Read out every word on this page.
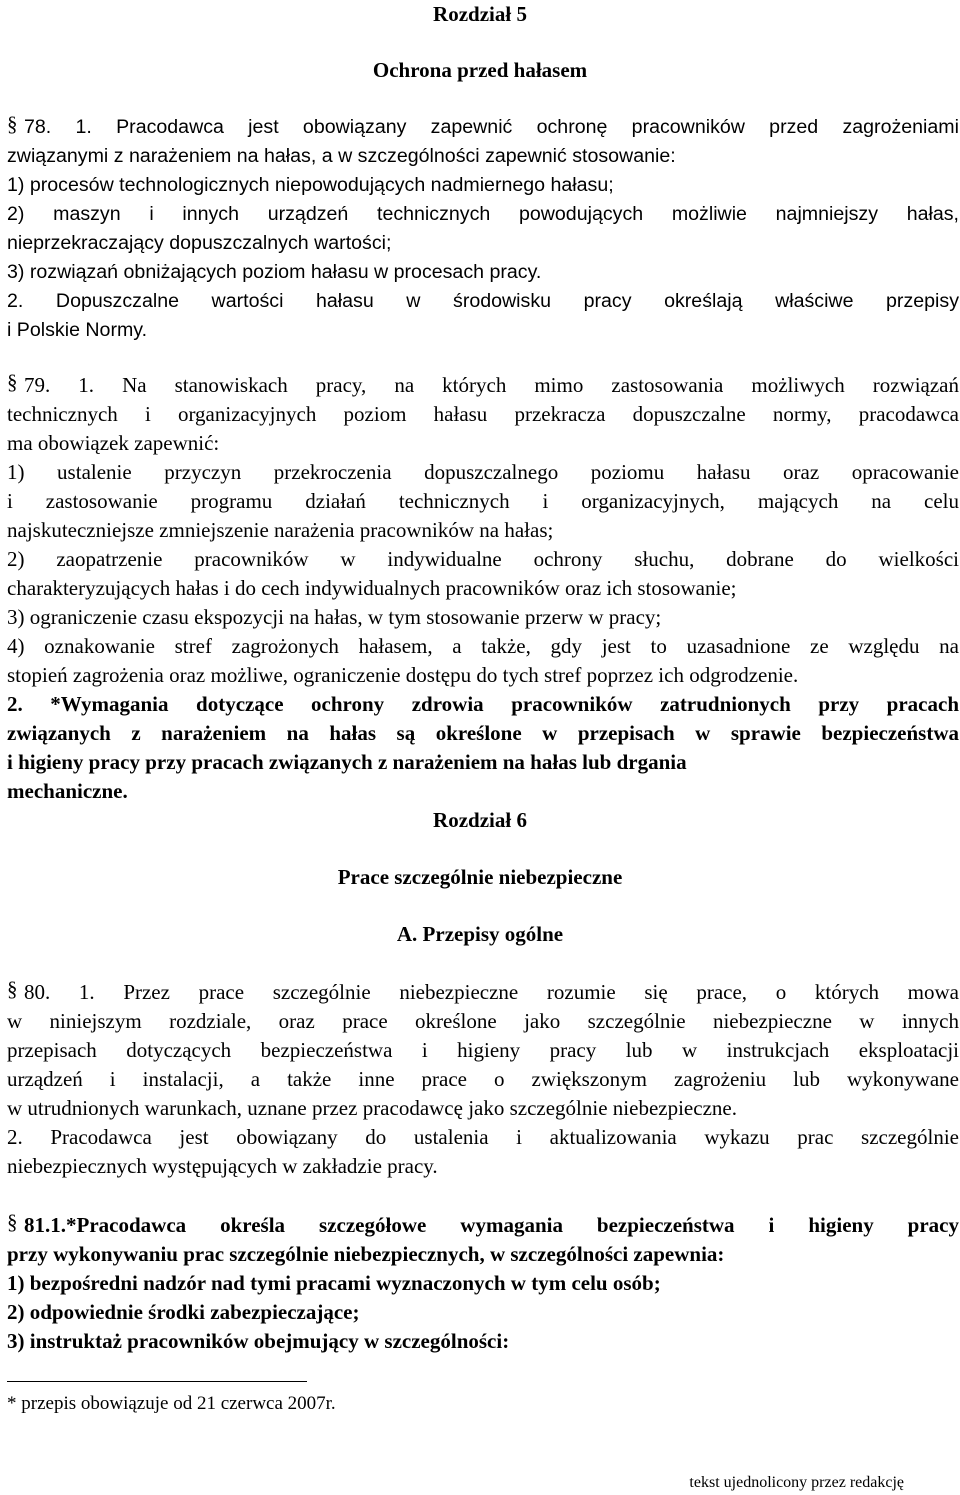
Rozdział 5
Ochrona przed hałasem
§ 78. 1. Pracodawca jest obowiązany zapewnić ochronę pracowników przed zagrożeniami
związanymi z narażeniem na hałas, a w szczególności zapewnić stosowanie:
1) procesów technologicznych niepowodujących nadmiernego hałasu;
2) maszyn i innych urządzeń technicznych powodujących możliwie najmniejszy hałas,
nieprzekraczający dopuszczalnych wartości;
3) rozwiązań obniżających poziom hałasu w procesach pracy.
2. Dopuszczalne wartości hałasu w środowisku pracy określają właściwe przepisy
i Polskie Normy.
§ 79. 1. Na stanowiskach pracy, na których mimo zastosowania możliwych rozwiązań
technicznych i organizacyjnych poziom hałasu przekracza dopuszczalne normy, pracodawca
ma obowiązek zapewnić:
1) ustalenie przyczyn przekroczenia dopuszczalnego poziomu hałasu oraz opracowanie
i zastosowanie programu działań technicznych i organizacyjnych, mających na celu
najskuteczniejsze zmniejszenie narażenia pracowników na hałas;
2) zaopatrzenie pracowników w indywidualne ochrony słuchu, dobrane do wielkości
charakteryzujących hałas i do cech indywidualnych pracowników oraz ich stosowanie;
3) ograniczenie czasu ekspozycji na hałas, w tym stosowanie przerw w pracy;
4) oznakowanie stref zagrożonych hałasem, a także, gdy jest to uzasadnione ze względu na
stopień zagrożenia oraz możliwe, ograniczenie dostępu do tych stref poprzez ich odgrodzenie.
2. *Wymagania dotyczące ochrony zdrowia pracowników zatrudnionych przy pracach
związanych z narażeniem na hałas są określone w przepisach w sprawie bezpieczeństwa
i higieny pracy przy pracach związanych z narażeniem na hałas lub drgania
mechaniczne.
Rozdział 6
Prace szczególnie niebezpieczne
A. Przepisy ogólne
§ 80. 1. Przez prace szczególnie niebezpieczne rozumie się prace, o których mowa
w niniejszym rozdziale, oraz prace określone jako szczególnie niebezpieczne w innych
przepisach dotyczących bezpieczeństwa i higieny pracy lub w instrukcjach eksploatacji
urządzeń i instalacji, a także inne prace o zwiększonym zagrożeniu lub wykonywane
w utrudnionych warunkach, uznane przez pracodawcę jako szczególnie niebezpieczne.
2. Pracodawca jest obowiązany do ustalenia i aktualizowania wykazu prac szczególnie
niebezpiecznych występujących w zakładzie pracy.
§ 81.1.*Pracodawca określa szczegółowe wymagania bezpieczeństwa i higieny pracy
przy wykonywaniu prac szczególnie niebezpiecznych, w szczególności zapewnia:
1) bezpośredni nadzór nad tymi pracami wyznaczonych w tym celu osób;
2) odpowiednie środki zabezpieczające;
3) instruktaż pracowników obejmujący w szczególności:
* przepis obowiązuje od 21 czerwca 2007r.
tekst ujednolicony przez redakcję
